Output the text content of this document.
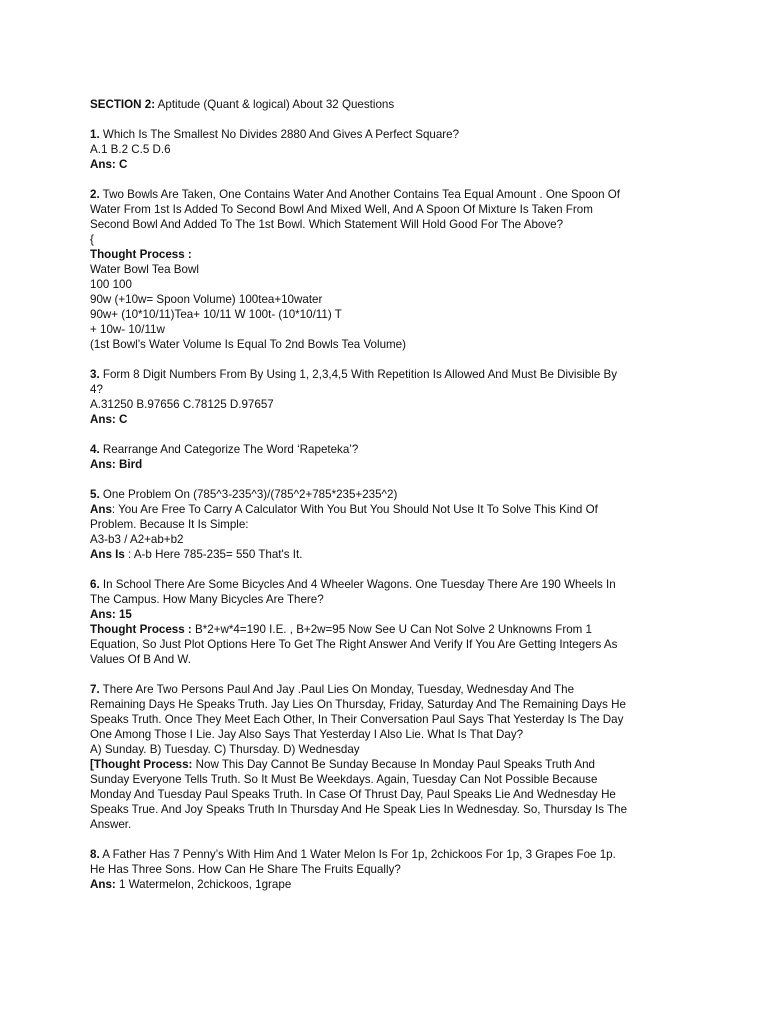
SECTION 2: Aptitude (Quant & logical) About 32 Questions
1. Which Is The Smallest No Divides 2880 And Gives A Perfect Square?
A.1 B.2 C.5 D.6
Ans: C
2. Two Bowls Are Taken, One Contains Water And Another Contains Tea Equal Amount . One Spoon Of
Water From 1st Is Added To Second Bowl And Mixed Well, And A Spoon Of Mixture Is Taken From
Second Bowl And Added To The 1st Bowl. Which Statement Will Hold Good For The Above?
{
Thought Process :
Water Bowl Tea Bowl
100 100
90w (+10w= Spoon Volume) 100tea+10water
90w+ (10*10/11)Tea+ 10/11 W 100t- (10*10/11) T
+ 10w- 10/11w
(1st Bowl’s Water Volume Is Equal To 2nd Bowls Tea Volume)
3. Form 8 Digit Numbers From By Using 1, 2,3,4,5 With Repetition Is Allowed And Must Be Divisible By
4?
A.31250 B.97656 C.78125 D.97657
Ans: C
4. Rearrange And Categorize The Word ‘Rapeteka’?
Ans: Bird
5. One Problem On (785^3-235^3)/(785^2+785*235+235^2)
Ans: You Are Free To Carry A Calculator With You But You Should Not Use It To Solve This Kind Of
Problem. Because It Is Simple:
A3-b3 / A2+ab+b2
Ans Is : A-b Here 785-235= 550 That's It.
6. In School There Are Some Bicycles And 4 Wheeler Wagons. One Tuesday There Are 190 Wheels In
The Campus. How Many Bicycles Are There?
Ans: 15
Thought Process : B*2+w*4=190 I.E. , B+2w=95 Now See U Can Not Solve 2 Unknowns From 1
Equation, So Just Plot Options Here To Get The Right Answer And Verify If You Are Getting Integers As
Values Of B And W.
7. There Are Two Persons Paul And Jay .Paul Lies On Monday, Tuesday, Wednesday And The
Remaining Days He Speaks Truth. Jay Lies On Thursday, Friday, Saturday And The Remaining Days He
Speaks Truth. Once They Meet Each Other, In Their Conversation Paul Says That Yesterday Is The Day
One Among Those I Lie. Jay Also Says That Yesterday I Also Lie. What Is That Day?
A) Sunday. B) Tuesday. C) Thursday. D) Wednesday
[Thought Process: Now This Day Cannot Be Sunday Because In Monday Paul Speaks Truth And
Sunday Everyone Tells Truth. So It Must Be Weekdays. Again, Tuesday Can Not Possible Because
Monday And Tuesday Paul Speaks Truth. In Case Of Thrust Day, Paul Speaks Lie And Wednesday He
Speaks True. And Joy Speaks Truth In Thursday And He Speak Lies In Wednesday. So, Thursday Is The
Answer.
8. A Father Has 7 Penny’s With Him And 1 Water Melon Is For 1p, 2chickoos For 1p, 3 Grapes Foe 1p.
He Has Three Sons. How Can He Share The Fruits Equally?
Ans: 1 Watermelon, 2chickoos, 1grape
